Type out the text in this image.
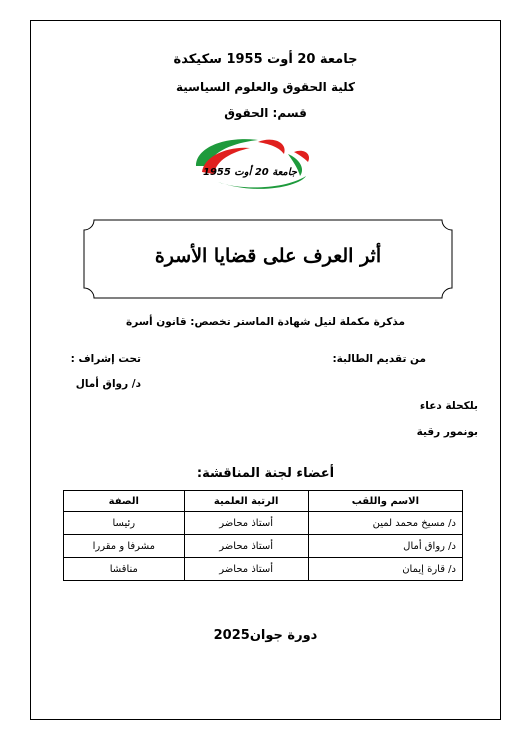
جامعة 20 أوت 1955 سكيكدة
كلية الحقوق والعلوم السياسية
قسم: الحقوق
جامعة 20 أوت 1955
أثر العرف على قضايا الأسرة
مذكرة مكملة لنيل شهادة الماستر تخصص: قانون أسرة
من تقديم الطالبة:
تحت إشراف :
د/ رواق أمال
بلكحلة دعاء
بونمور رقية
أعضاء لجنة المناقشة:
الاسم واللقب	الرتبة العلمية	الصفة
د/ مسيخ محمد لمين	أستاذ محاضر	رئيسا
د/ رواق أمال	أستاذ محاضر	مشرفا و مقررا
د/ قارة إيمان	أستاذ محاضر	مناقشا
دورة جوان2025
